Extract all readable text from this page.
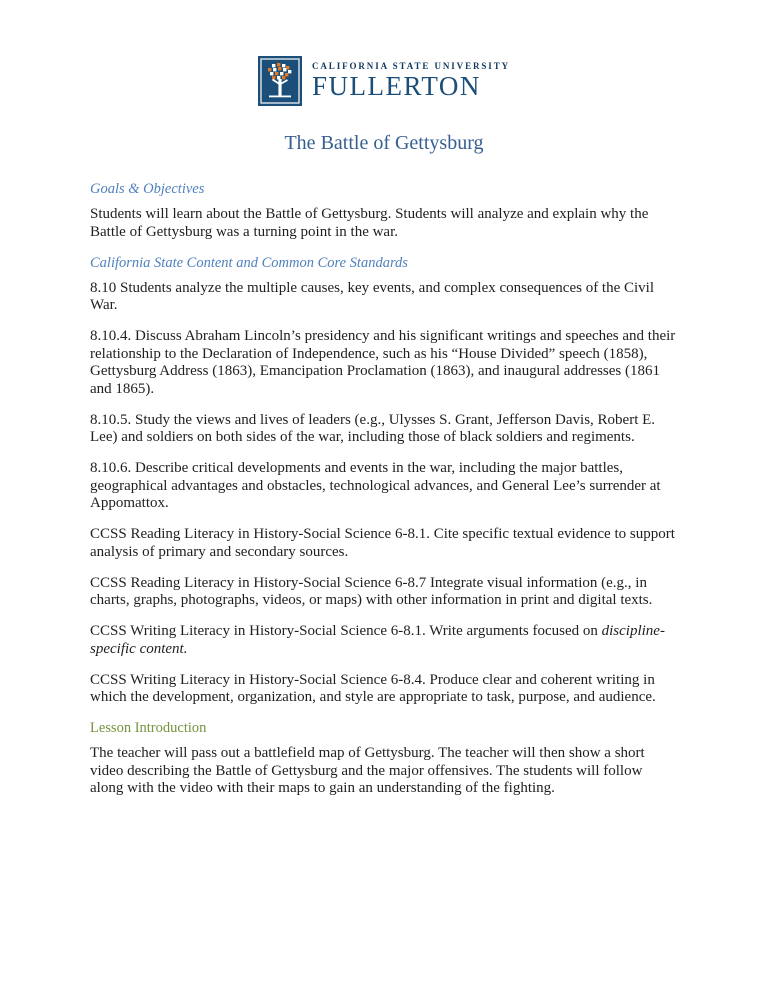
CALIFORNIA STATE UNIVERSITY
FULLERTON
The Battle of Gettysburg
Goals & Objectives

Students will learn about the Battle of Gettysburg. Students will analyze and explain why the Battle of Gettysburg was a turning point in the war.

California State Content and Common Core Standards

8.10 Students analyze the multiple causes, key events, and complex consequences of the Civil War.

8.10.4. Discuss Abraham Lincoln’s presidency and his significant writings and speeches and their relationship to the Declaration of Independence, such as his “House Divided” speech (1858), Gettysburg Address (1863), Emancipation Proclamation (1863), and inaugural addresses (1861 and 1865).

8.10.5. Study the views and lives of leaders (e.g., Ulysses S. Grant, Jefferson Davis, Robert E. Lee) and soldiers on both sides of the war, including those of black soldiers and regiments.

8.10.6. Describe critical developments and events in the war, including the major battles, geographical advantages and obstacles, technological advances, and General Lee’s surrender at Appomattox.

CCSS Reading Literacy in History-Social Science 6-8.1. Cite specific textual evidence to support analysis of primary and secondary sources.

CCSS Reading Literacy in History-Social Science 6-8.7 Integrate visual information (e.g., in charts, graphs, photographs, videos, or maps) with other information in print and digital texts.

CCSS Writing Literacy in History-Social Science 6-8.1. Write arguments focused on discipline-specific content.

CCSS Writing Literacy in History-Social Science 6-8.4. Produce clear and coherent writing in which the development, organization, and style are appropriate to task, purpose, and audience.

Lesson Introduction

The teacher will pass out a battlefield map of Gettysburg. The teacher will then show a short video describing the Battle of Gettysburg and the major offensives. The students will follow along with the video with their maps to gain an understanding of the fighting.
